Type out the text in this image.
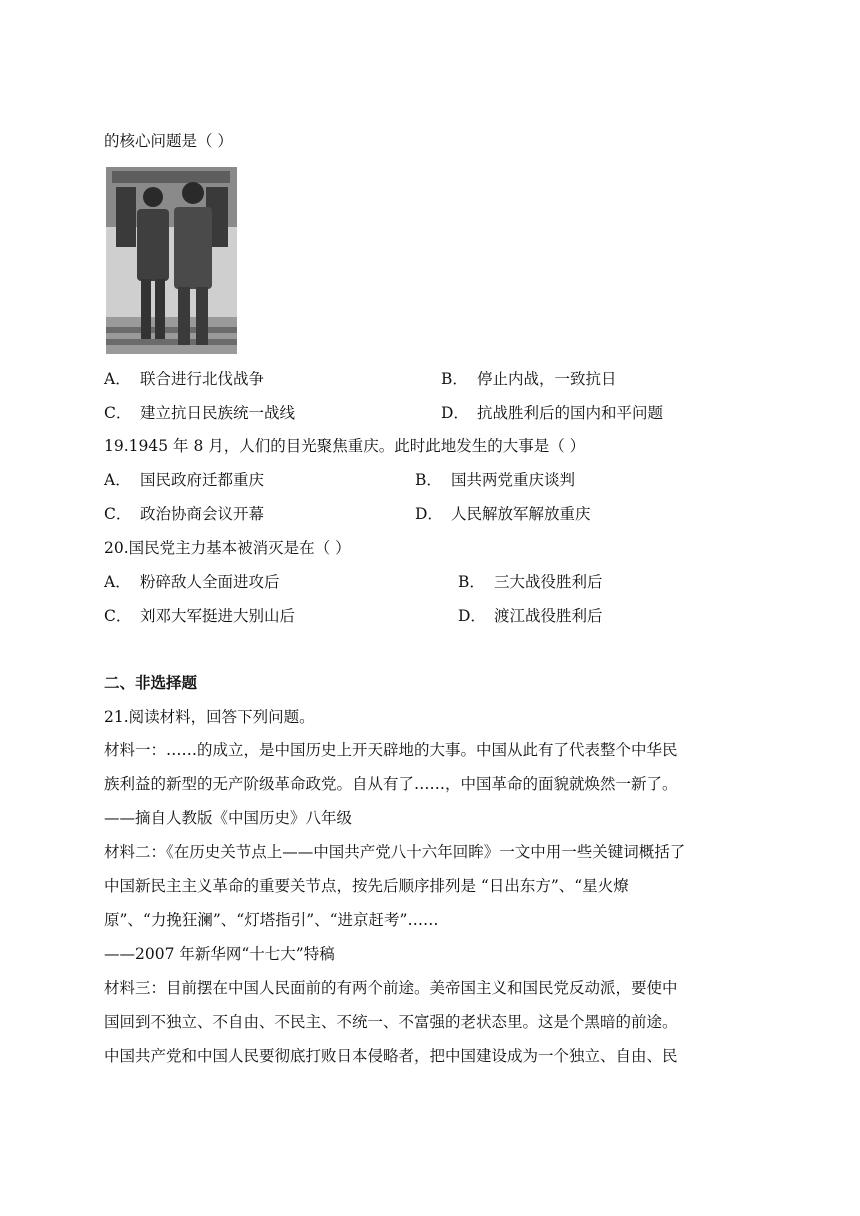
的核心问题是（ ）
A． 联合进行北伐战争	B． 停止内战，一致抗日
C． 建立抗日民族统一战线	D． 抗战胜利后的国内和平问题
19.1945 年 8 月，人们的目光聚焦重庆。此时此地发生的大事是（ ）
A． 国民政府迁都重庆	B． 国共两党重庆谈判
C． 政治协商会议开幕	D． 人民解放军解放重庆
20.国民党主力基本被消灭是在（ ）
A． 粉碎敌人全面进攻后	B． 三大战役胜利后
C． 刘邓大军挺进大别山后	D． 渡江战役胜利后
二、非选择题
21.阅读材料，回答下列问题。
材料一：……的成立，是中国历史上开天辟地的大事。中国从此有了代表整个中华民
族利益的新型的无产阶级革命政党。自从有了……，中国革命的面貌就焕然一新了。
——摘自人教版《中国历史》八年级
材料二：《在历史关节点上——中国共产党八十六年回眸》一文中用一些关键词概括了
中国新民主主义革命的重要关节点，按先后顺序排列是 “日出东方”、“星火燎
原”、“力挽狂澜”、“灯塔指引”、“进京赶考”……
——2007 年新华网“十七大”特稿
材料三：目前摆在中国人民面前的有两个前途。美帝国主义和国民党反动派，要使中
国回到不独立、不自由、不民主、不统一、不富强的老状态里。这是个黑暗的前途。
中国共产党和中国人民要彻底打败日本侵略者，把中国建设成为一个独立、自由、民
